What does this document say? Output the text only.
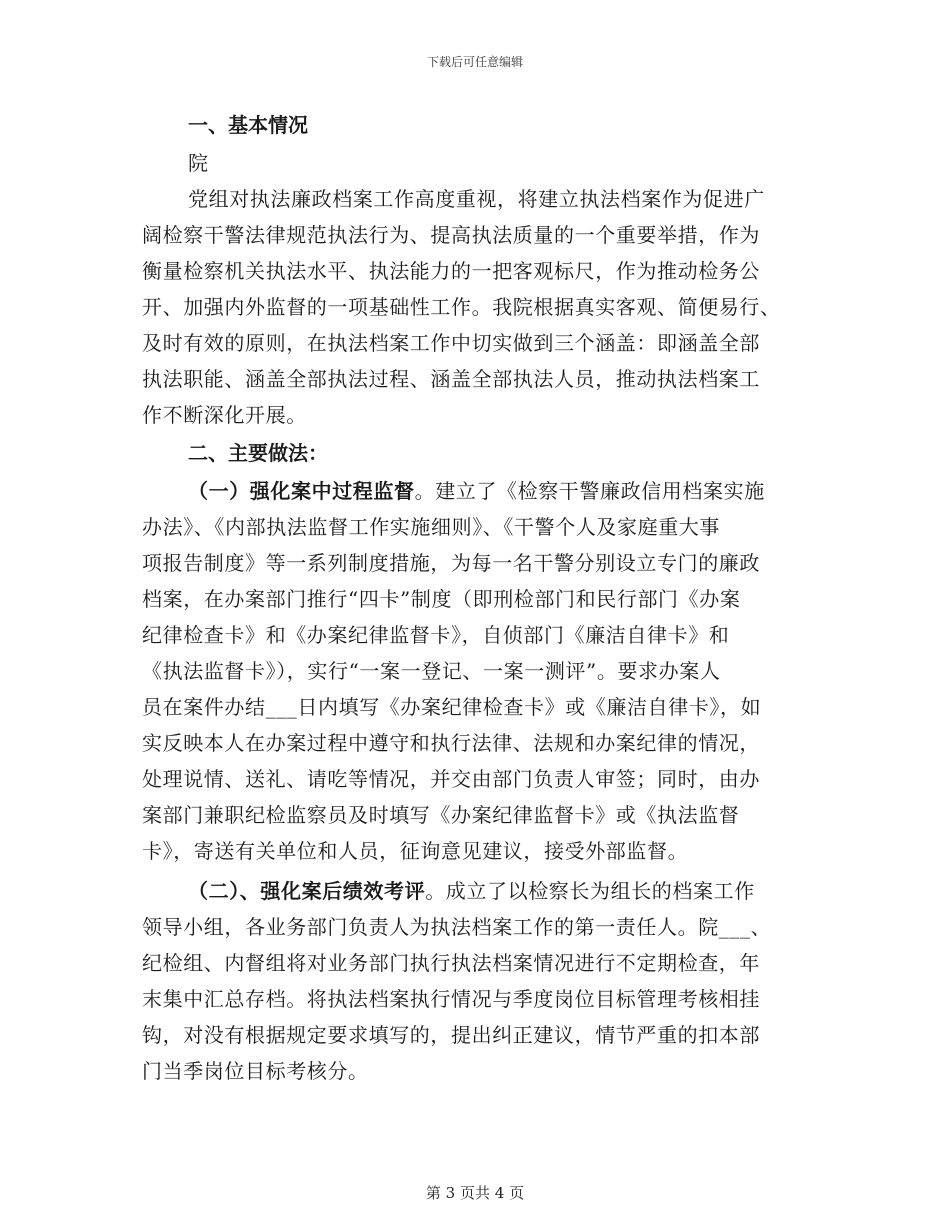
下载后可任意编辑

一、基本情况

院

党组对执法廉政档案工作高度重视，将建立执法档案作为促进广

阔检察干警法律规范执法行为、提高执法质量的一个重要举措，作为

衡量检察机关执法水平、执法能力的一把客观标尺，作为推动检务公

开、加强内外监督的一项基础性工作。我院根据真实客观、简便易行、

及时有效的原则，在执法档案工作中切实做到三个涵盖：即涵盖全部

执法职能、涵盖全部执法过程、涵盖全部执法人员，推动执法档案工

作不断深化开展。

二、主要做法：

（一）强化案中过程监督。建立了《检察干警廉政信用档案实施

办法》、《内部执法监督工作实施细则》、《干警个人及家庭重大事

项报告制度》等一系列制度措施，为每一名干警分别设立专门的廉政

档案，在办案部门推行“四卡”制度（即刑检部门和民行部门《办案

纪律检查卡》和《办案纪律监督卡》，自侦部门《廉洁自律卡》和

《执法监督卡》），实行“一案一登记、一案一测评”。要求办案人

员在案件办结___日内填写《办案纪律检查卡》或《廉洁自律卡》，如

实反映本人在办案过程中遵守和执行法律、法规和办案纪律的情况，

处理说情、送礼、请吃等情况，并交由部门负责人审签；同时，由办

案部门兼职纪检监察员及时填写《办案纪律监督卡》或《执法监督

卡》，寄送有关单位和人员，征询意见建议，接受外部监督。

（二）、强化案后绩效考评。成立了以检察长为组长的档案工作

领导小组，各业务部门负责人为执法档案工作的第一责任人。院___、

纪检组、内督组将对业务部门执行执法档案情况进行不定期检查，年

末集中汇总存档。将执法档案执行情况与季度岗位目标管理考核相挂

钩，对没有根据规定要求填写的，提出纠正建议，情节严重的扣本部

门当季岗位目标考核分。

第 3 页共 4 页
